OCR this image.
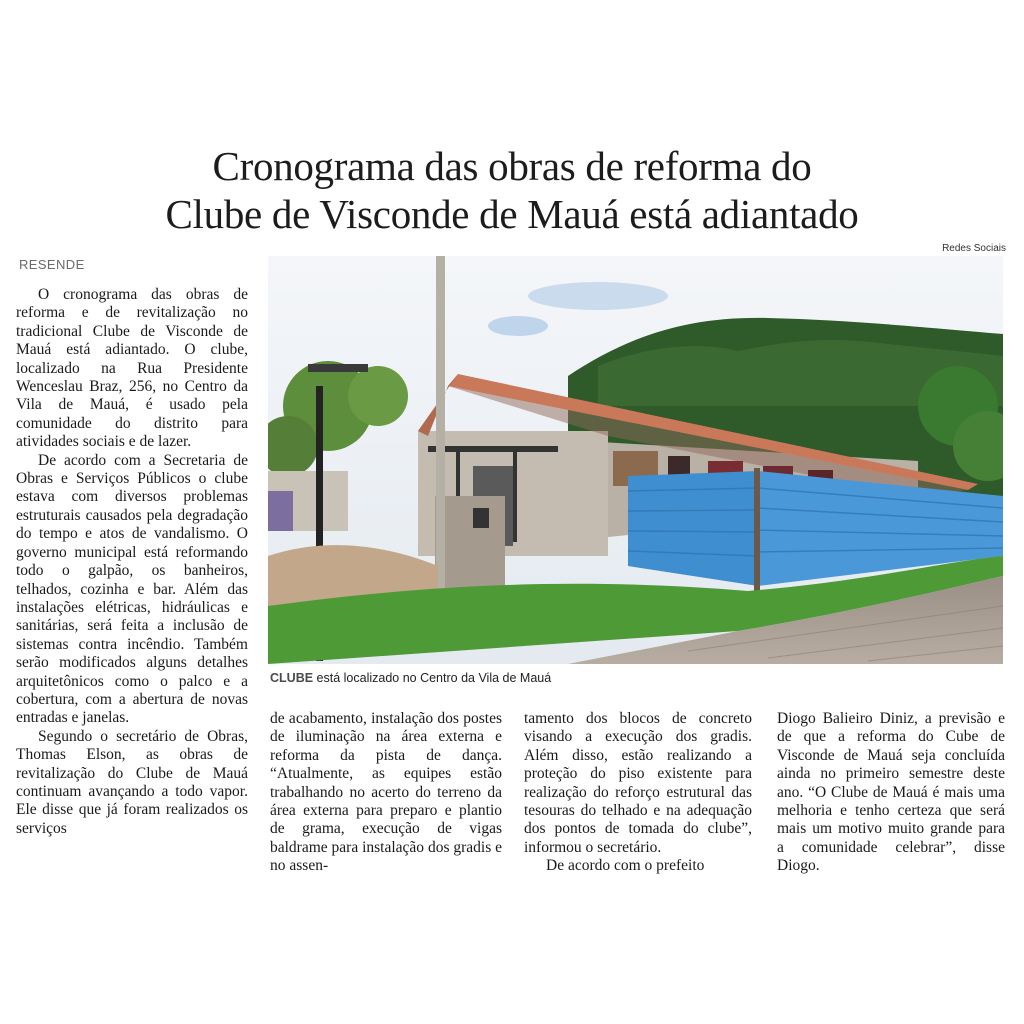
Cronograma das obras de reforma do
Clube de Visconde de Mauá está adiantado
Redes Sociais
RESENDE

O cronograma das obras de reforma e de revitalização no tradicional Clube de Visconde de Mauá está adiantado. O clube, localizado na Rua Presidente Wenceslau Braz, 256, no Centro da Vila de Mauá, é usado pela comunidade do distrito para atividades sociais e de lazer.

De acordo com a Secretaria de Obras e Serviços Públicos o clube estava com diversos problemas estruturais causados pela degradação do tempo e atos de vandalismo. O governo municipal está reformando todo o galpão, os banheiros, telhados, cozinha e bar. Além das instalações elétricas, hidráulicas e sanitárias, será feita a inclusão de sistemas contra incêndio. Também serão modificados alguns detalhes arquitetônicos como o palco e a cobertura, com a abertura de novas entradas e janelas.

Segundo o secretário de Obras, Thomas Elson, as obras de revitalização do Clube de Mauá continuam avançando a todo vapor. Ele disse que já foram realizados os serviços

CLUBE está localizado no Centro da Vila de Mauá

de acabamento, instalação dos postes de iluminação na área externa e reforma da pista de dança. “Atualmente, as equipes estão trabalhando no acerto do terreno da área externa para preparo e plantio de grama, execução de vigas baldrame para instalação dos gradis e no assen-

tamento dos blocos de concreto visando a execução dos gradis. Além disso, estão realizando a proteção do piso existente para realização do reforço estrutural das tesouras do telhado e na adequação dos pontos de tomada do clube”, informou o secretário.

De acordo com o prefeito

Diogo Balieiro Diniz, a previsão e de que a reforma do Cube de Visconde de Mauá seja concluída ainda no primeiro semestre deste ano. “O Clube de Mauá é mais uma melhoria e tenho certeza que será mais um motivo muito grande para a comunidade celebrar”, disse Diogo.
